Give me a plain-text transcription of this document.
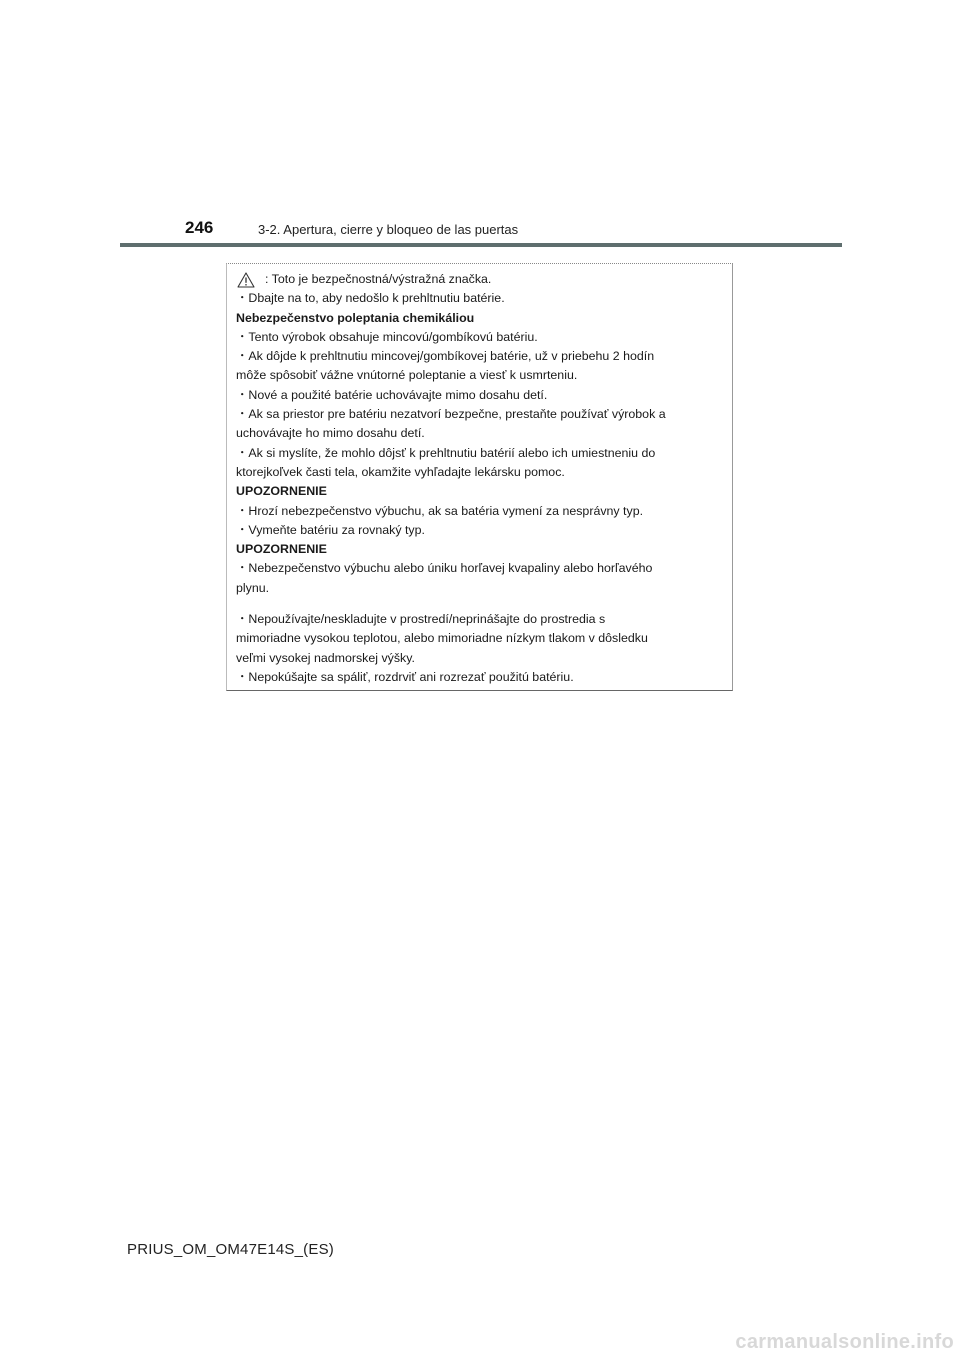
246	3-2. Apertura, cierre y bloqueo de las puertas
: Toto je bezpečnostná/výstražná značka.
・Dbajte na to, aby nedošlo k prehltnutiu batérie.
Nebezpečenstvo poleptania chemikáliou
・Tento výrobok obsahuje mincovú/gombíkovú batériu.
・Ak dôjde k prehltnutiu mincovej/gombíkovej batérie, už v priebehu 2 hodín
môže spôsobiť vážne vnútorné poleptanie a viesť k usmrteniu.
・Nové a použité batérie uchovávajte mimo dosahu detí.
・Ak sa priestor pre batériu nezatvorí bezpečne, prestaňte používať výrobok a
uchovávajte ho mimo dosahu detí.
・Ak si myslíte, že mohlo dôjsť k prehltnutiu batérií alebo ich umiestneniu do
ktorejkoľvek časti tela, okamžite vyhľadajte lekársku pomoc.
UPOZORNENIE
・Hrozí nebezpečenstvo výbuchu, ak sa batéria vymení za nesprávny typ.
・Vymeňte batériu za rovnaký typ.
UPOZORNENIE
・Nebezpečenstvo výbuchu alebo úniku horľavej kvapaliny alebo horľavého
plynu.
・Nepoužívajte/neskladujte v prostredí/neprinášajte do prostredia s
mimoriadne vysokou teplotou, alebo mimoriadne nízkym tlakom v dôsledku
veľmi vysokej nadmorskej výšky.
・Nepokúšajte sa spáliť, rozdrviť ani rozrezať použitú batériu.
PRIUS_OM_OM47E14S_(ES)
carmanualsonline.info
